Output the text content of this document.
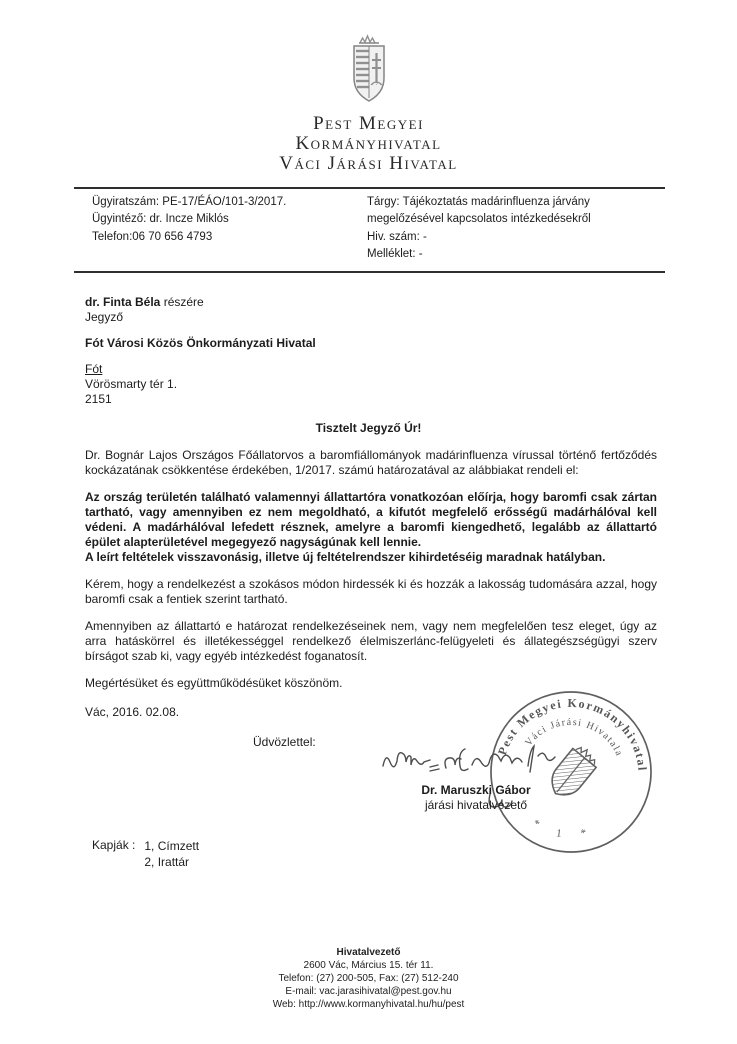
Pest Megyei
Kormányhivatal
Váci Járási Hivatal
Ügyiratszám: PE-17/ÉÁO/101-3/2017.
Ügyintéző: dr. Incze Miklós
Telefon:06 70 656 4793
Tárgy: Tájékoztatás madárinfluenza járvány megelőzésével kapcsolatos intézkedésekről
Hiv. szám: -
Melléklet: -
dr. Finta Béla részére
Jegyző
Fót Városi Közös Önkormányzati Hivatal
Fót
Vörösmarty tér 1.
2151
Tisztelt Jegyző Úr!

Dr. Bognár Lajos Országos Főállatorvos a baromfiállományok madárinfluenza vírussal történő fertőződés kockázatának csökkentése érdekében, 1/2017. számú határozatával az alábbiakat rendeli el:

Az ország területén található valamennyi állattartóra vonatkozóan előírja, hogy baromfi csak zártan tartható, vagy amennyiben ez nem megoldható, a kifutót megfelelő erősségű madárhálóval kell védeni. A madárhálóval lefedett résznek, amelyre a baromfi kiengedhető, legalább az állattartó épület alapterületével megegyező nagyságúnak kell lennie.
A leírt feltételek visszavonásig, illetve új feltételrendszer kihirdetéséig maradnak hatályban.

Kérem, hogy a rendelkezést a szokásos módon hirdessék ki és hozzák a lakosság tudomására azzal, hogy baromfi csak a fentiek szerint tartható.

Amennyiben az állattartó e határozat rendelkezéseinek nem, vagy nem megfelelően tesz eleget, úgy az arra hatáskörrel és illetékességgel rendelkező élelmiszerlánc-felügyeleti és állategészségügyi szerv bírságot szab ki, vagy egyéb intézkedést foganatosít.

Megértésüket és együttműködésüket köszönöm.

Vác, 2016. 02.08.
Üdvözlettel:
Dr. Maruszki Gábor
járási hivatalvezető
Pest Megyei Kormányhivatal
Váci Járási Hivatala
* 1 *
Kapják : 1, Címzett
2, Irattár
Hivatalvezető
2600 Vác, Március 15. tér 11.
Telefon: (27) 200-505, Fax: (27) 512-240
E-mail: vac.jarasihivatal@pest.gov.hu
Web: http://www.kormanyhivatal.hu/hu/pest
